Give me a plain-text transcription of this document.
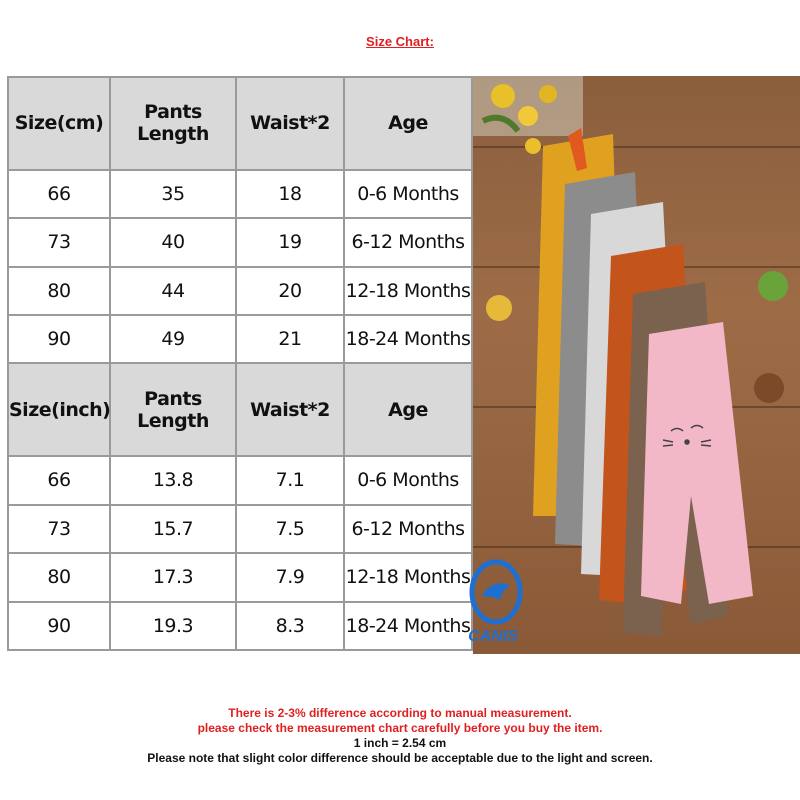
Size Chart:
Size(cm)	Pants Length	Waist*2	Age
66	35	18	0-6 Months
73	40	19	6-12 Months
80	44	20	12-18 Months
90	49	21	18-24 Months
Size(inch)	Pants Length	Waist*2	Age
66	13.8	7.1	0-6 Months
73	15.7	7.5	6-12 Months
80	17.3	7.9	12-18 Months
90	19.3	8.3	18-24 Months
CANIS
There is 2-3% difference according to manual measurement.
please check the measurement chart carefully before you buy the item.
1 inch = 2.54 cm
Please note that slight color difference should be acceptable due to the light and screen.
